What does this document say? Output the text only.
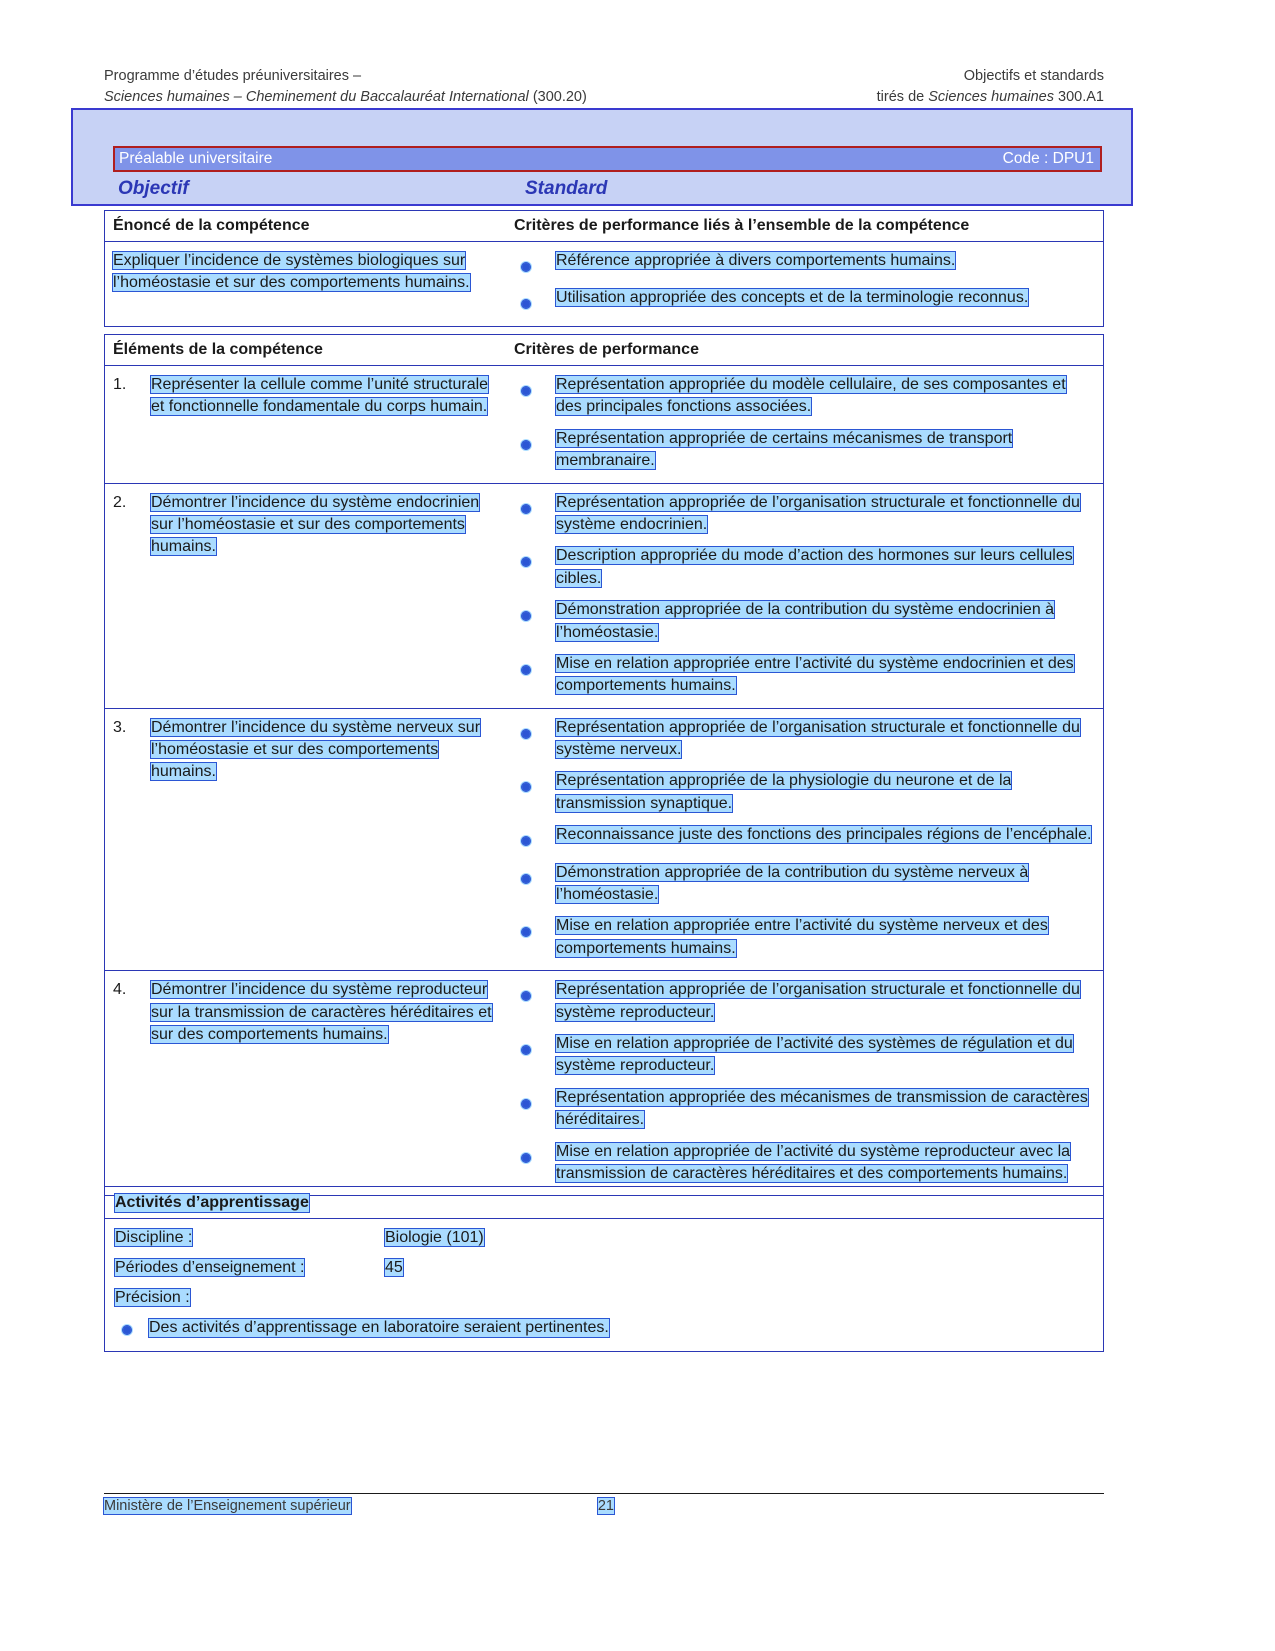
Programme d’études préuniversitaires –	Objectifs et standards
Sciences humaines – Cheminement du Baccalauréat International (300.20)	tirés de Sciences humaines 300.A1
Préalable universitaire	Code : DPU1
Objectif	Standard
Énoncé de la compétence	Critères de performance liés à l’ensemble de la compétence
Expliquer l’incidence de systèmes biologiques sur l’homéostasie et sur des comportements humains.
Référence appropriée à divers comportements humains.
Utilisation appropriée des concepts et de la terminologie reconnus.
Éléments de la compétence	Critères de performance
1.	Représenter la cellule comme l’unité structurale et fonctionnelle fondamentale du corps humain.
Représentation appropriée du modèle cellulaire, de ses composantes et des principales fonctions associées.
Représentation appropriée de certains mécanismes de transport membranaire.
2.	Démontrer l’incidence du système endocrinien sur l’homéostasie et sur des comportements humains.
Représentation appropriée de l’organisation structurale et fonctionnelle du système endocrinien.
Description appropriée du mode d’action des hormones sur leurs cellules cibles.
Démonstration appropriée de la contribution du système endocrinien à l’homéostasie.
Mise en relation appropriée entre l’activité du système endocrinien et des comportements humains.
3.	Démontrer l’incidence du système nerveux sur l’homéostasie et sur des comportements humains.
Représentation appropriée de l’organisation structurale et fonctionnelle du système nerveux.
Représentation appropriée de la physiologie du neurone et de la transmission synaptique.
Reconnaissance juste des fonctions des principales régions de l’encéphale.
Démonstration appropriée de la contribution du système nerveux à l’homéostasie.
Mise en relation appropriée entre l’activité du système nerveux et des comportements humains.
4.	Démontrer l’incidence du système reproducteur sur la transmission de caractères héréditaires et sur des comportements humains.
Représentation appropriée de l’organisation structurale et fonctionnelle du système reproducteur.
Mise en relation appropriée de l’activité des systèmes de régulation et du système reproducteur.
Représentation appropriée des mécanismes de transmission de caractères héréditaires.
Mise en relation appropriée de l’activité du système reproducteur avec la transmission de caractères héréditaires et des comportements humains.
Activités d’apprentissage
Discipline :	Biologie (101)
Périodes d’enseignement :	45
Précision :
Des activités d’apprentissage en laboratoire seraient pertinentes.
Ministère de l’Enseignement supérieur	21
